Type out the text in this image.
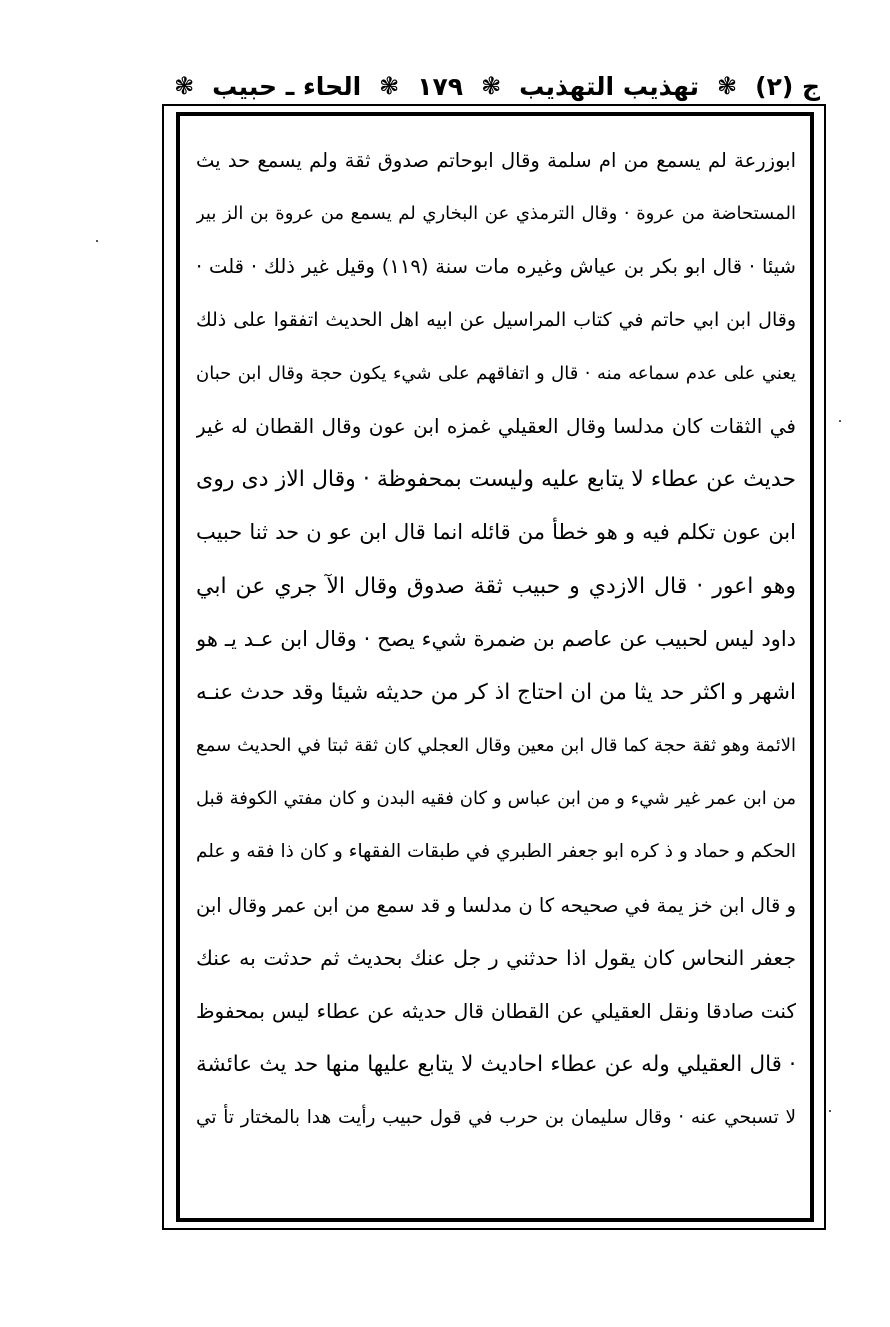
ج (٢)
❃
تهذيب التهذيب
❃
١٧٩
❃
الحاء ـ حبيب
❃
ابوزرعة لم يسمع من ام سلمة وقال ابوحاتم صدوق ثقة ولم يسمع حد يث
المستحاضة من عروة · وقال الترمذي عن البخاري لم يسمع من عروة بن الز بير
شيئا · قال ابو بكر بن عياش وغيره مات سنة (١١٩) وقيل غير ذلك · قلت ·
وقال ابن ابي حاتم في كتاب المراسيل عن ابيه اهل الحديث اتفقوا على ذلك
يعني على عدم سماعه منه · قال و اتفاقهم على شيء يكون حجة وقال ابن حبان
في الثقات كان مدلسا وقال العقيلي غمزه ابن عون وقال القطان له غير
حديث عن عطاء لا يتابع عليه وليست بمحفوظة · وقال الاز دى روى
ابن عون تكلم فيه و هو خطأ من قائله انما قال ابن عو ن حد ثنا حبيب
وهو اعور · قال الازدي و حبيب ثقة صدوق وقال الآ جري عن ابي
داود ليس لحبيب عن عاصم بن ضمرة شيء يصح · وقال ابن عـد يـ هو
اشهر و اكثر حد يثا من ان احتاج اذ كر من حديثه شيئا وقد حدث عنـه
الائمة وهو ثقة حجة كما قال ابن معين وقال العجلي كان ثقة ثبتا في الحديث سمع
من ابن عمر غير شيء و من ابن عباس و كان فقيه البدن و كان مفتي الكوفة قبل
الحكم و حماد و ذ كره ابو جعفر الطبري في طبقات الفقهاء و كان ذا فقه و علم
و قال ابن خز يمة في صحيحه كا ن مدلسا و قد سمع من ابن عمر وقال ابن
جعفر النحاس كان يقول اذا حدثني ر جل عنك بحديث ثم حدثت به عنك
كنت صادقا ونقل العقيلي عن القطان قال حديثه عن عطاء ليس بمحفوظ
· قال العقيلي وله عن عطاء احاديث لا يتابع عليها منها حد يث عائشة
لا تسبحي عنه · وقال سليمان بن حرب في قول حبيب رأيت هدا بالمختار تأ تي
